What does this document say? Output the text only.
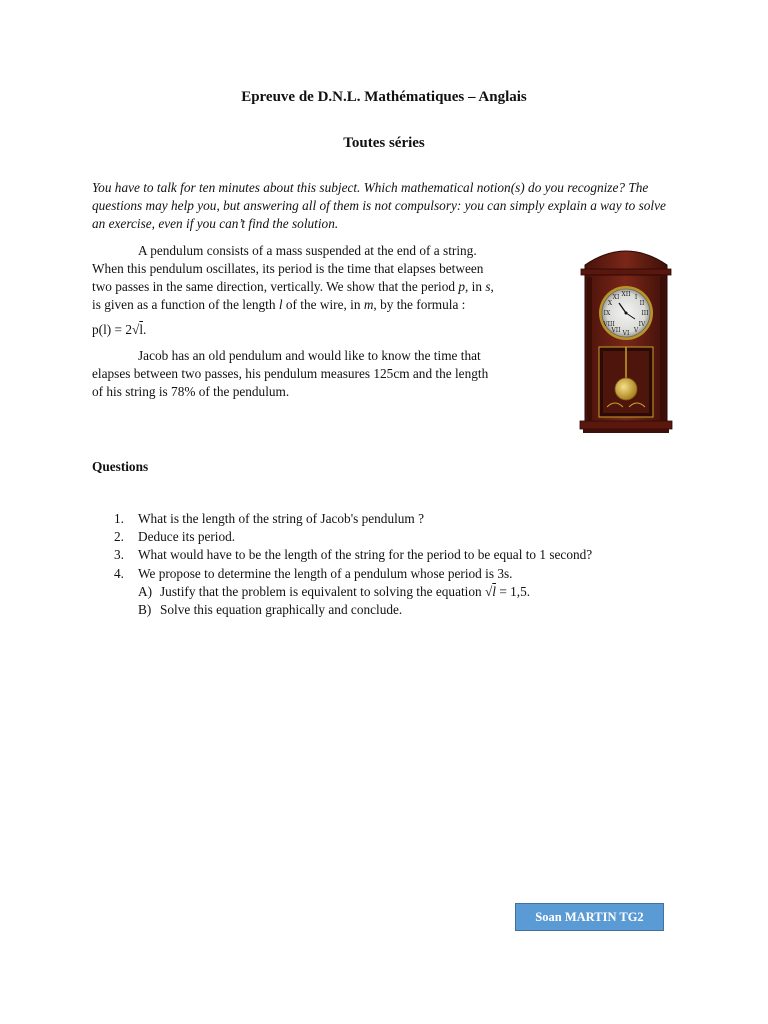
Epreuve de D.N.L. Mathématiques – Anglais
Toutes séries
You have to talk for ten minutes about this subject. Which mathematical notion(s) do you recognize? The questions may help you, but answering all of them is not compulsory: you can simply explain a way to solve an exercise, even if you can’t find the solution.
A pendulum consists of a mass suspended at the end of a string.
When this pendulum oscillates, its period is the time that elapses between
two passes in the same direction, vertically. We show that the period p, in s,
is given as a function of the length l of the wire, in m, by the formula :
p(l) = 2√l.
Jacob has an old pendulum and would like to know the time that
elapses between two passes, his pendulum measures 125cm and the length
of his string is 78% of the pendulum.
XII
VI
IX	III
I
II
IV
V
VII
VIII
X
XI
Questions
1.	What is the length of the string of Jacob's pendulum ?
2.	Deduce its period.
3.	What would have to be the length of the string for the period to be equal to 1 second?
4.	We propose to determine the length of a pendulum whose period is 3s.
A) Justify that the problem is equivalent to solving the equation √l = 1,5.
B) Solve this equation graphically and conclude.
Soan MARTIN TG2
